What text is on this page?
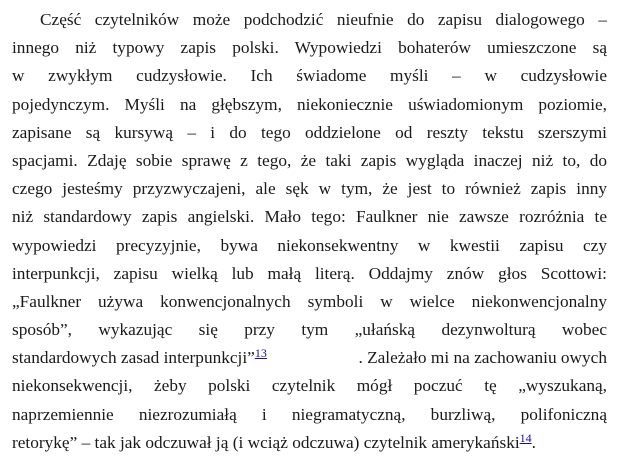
Część czytelników może podchodzić nieufnie do zapisu dialogowego –
innego niż typowy zapis polski. Wypowiedzi bohaterów umieszczone są
w zwykłym cudzysłowie. Ich świadome myśli – w cudzysłowie
pojedynczym. Myśli na głębszym, niekoniecznie uświadomionym poziomie,
zapisane są kursywą – i do tego oddzielone od reszty tekstu szerszymi
spacjami. Zdaję sobie sprawę z tego, że taki zapis wygląda inaczej niż to, do
czego jesteśmy przyzwyczajeni, ale sęk w tym, że jest to również zapis inny
niż standardowy zapis angielski. Mało tego: Faulkner nie zawsze rozróżnia te
wypowiedzi precyzyjnie, bywa niekonsekwentny w kwestii zapisu czy
interpunkcji, zapisu wielką lub małą literą. Oddajmy znów głos Scottowi:
„Faulkner używa konwencjonalnych symboli w wielce niekonwencjonalny
sposób”, wykazując się przy tym „ułańską dezynwolturą wobec
standardowych zasad interpunkcji”$^{13}$	. Zależało mi na zachowaniu owych
niekonsekwencji, żeby polski czytelnik mógł poczuć tę „wyszukaną,
naprzemiennie niezrozumiałą i niegramatyczną, burzliwą, polifoniczną
retorykę” – tak jak odczuwał ją (i wciąż odczuwa) czytelnik amerykański$^{14}$.
